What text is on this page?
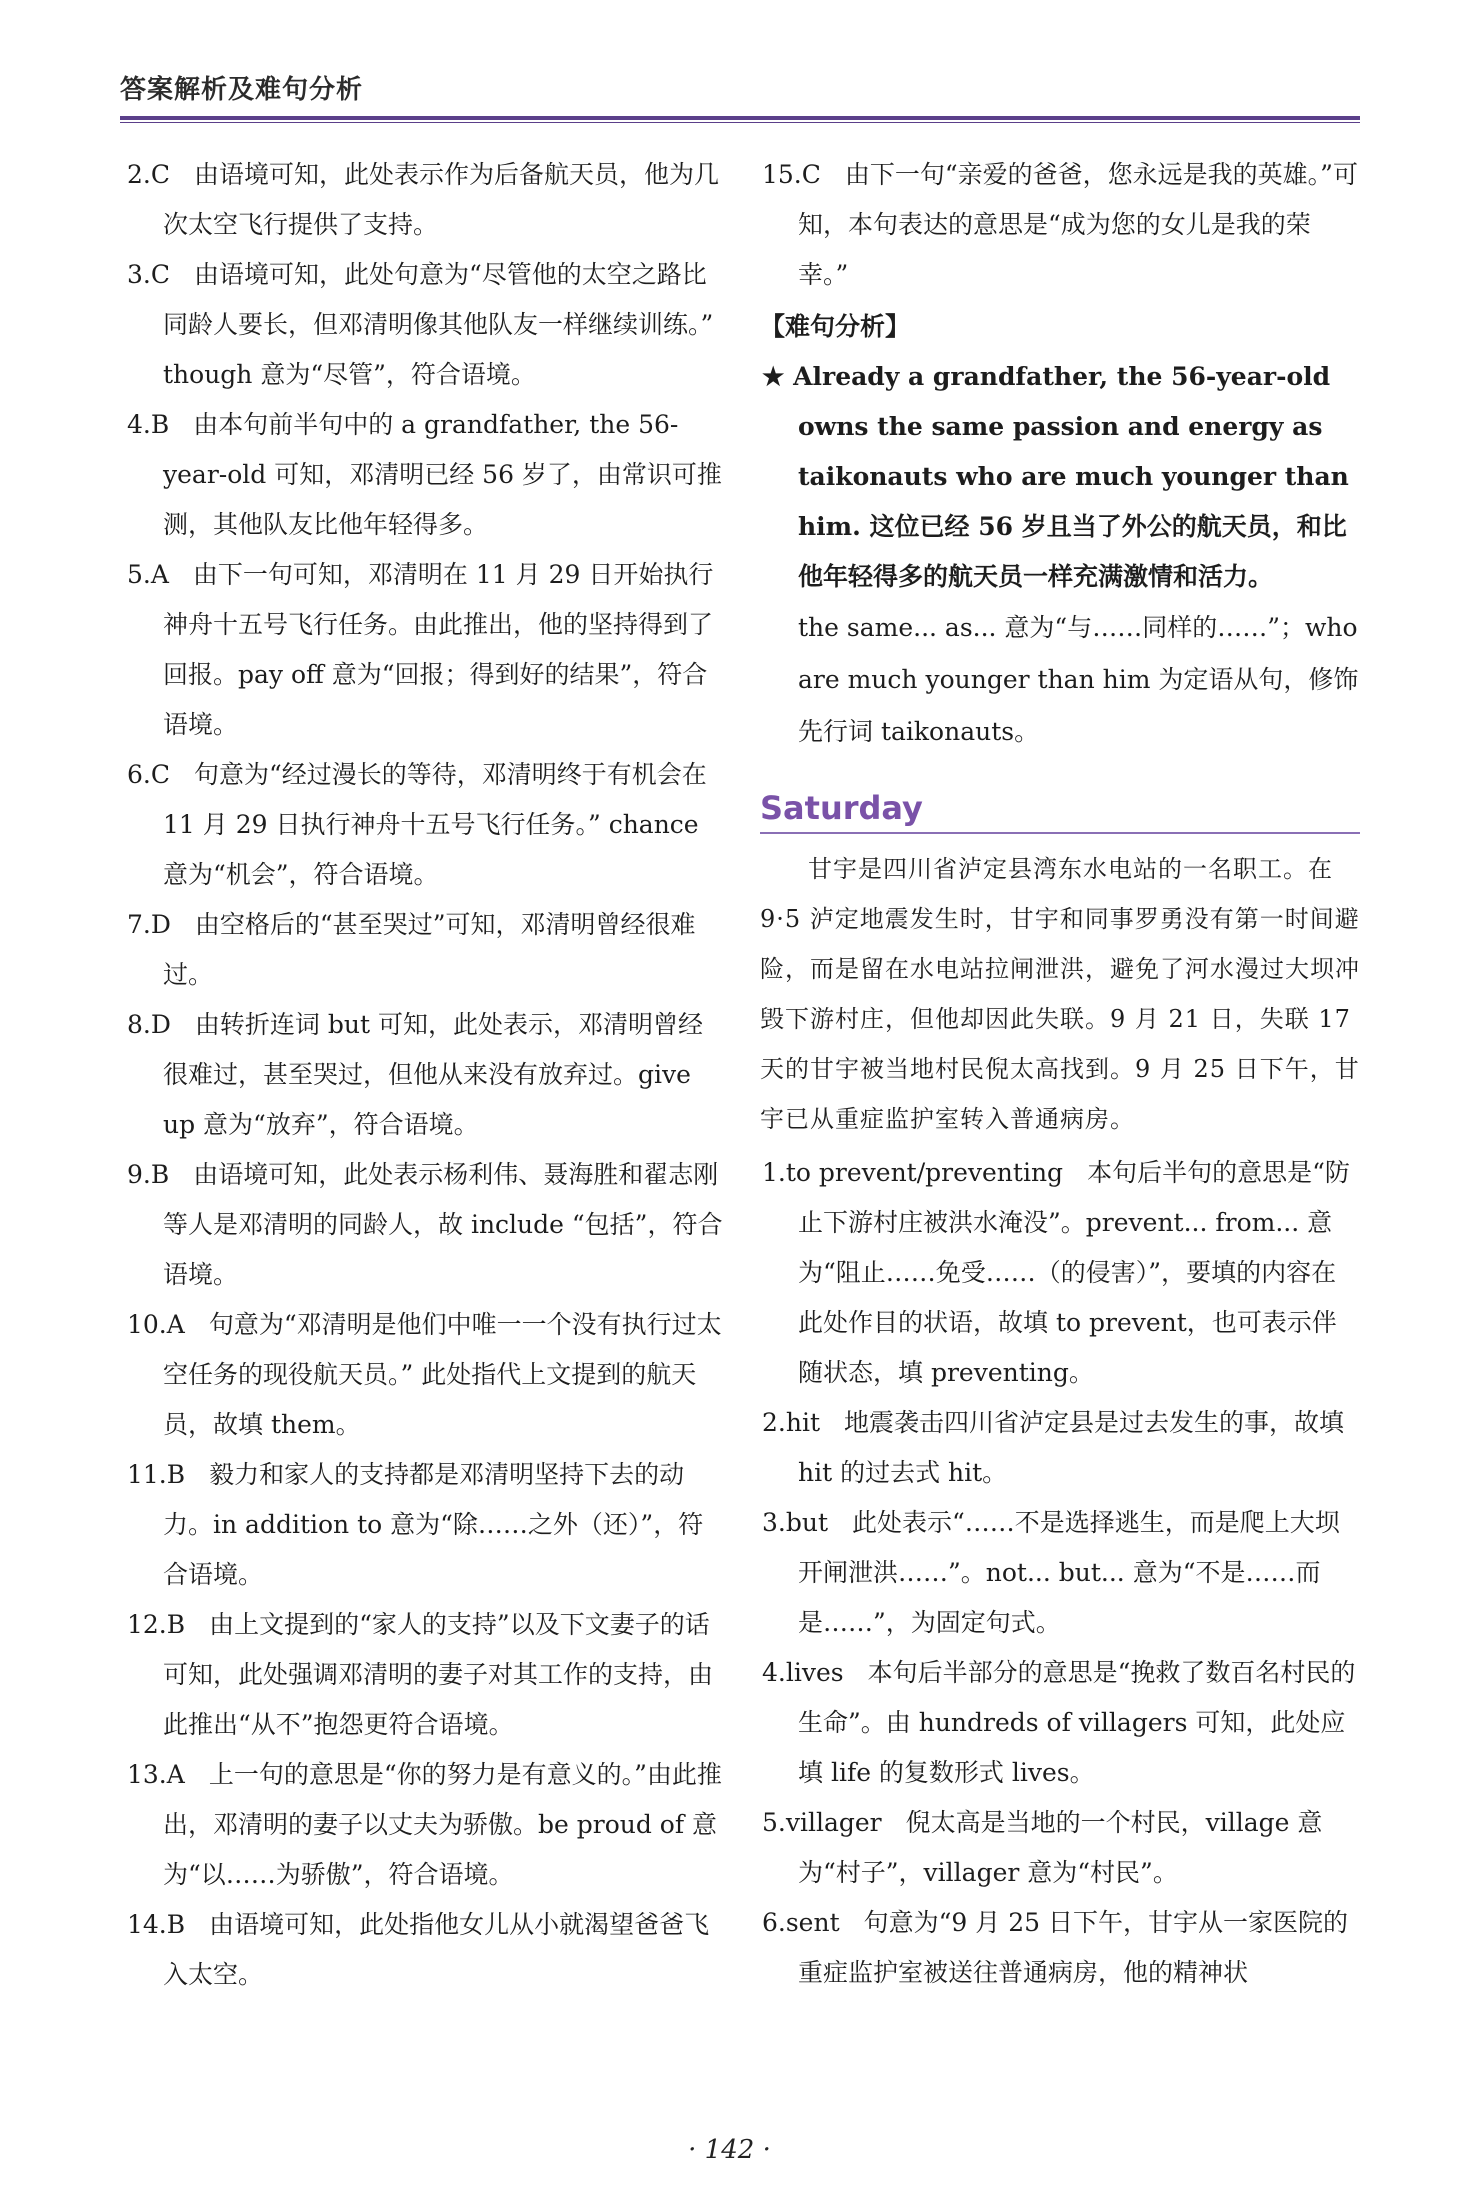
答案解析及难句分析

2.C 由语境可知，此处表示作为后备航天员，他为几次太空飞行提供了支持。

3.C 由语境可知，此处句意为“尽管他的太空之路比同龄人要长，但邓清明像其他队友一样继续训练。” though 意为“尽管”，符合语境。

4.B 由本句前半句中的 a grandfather, the 56-year-old 可知，邓清明已经 56 岁了，由常识可推测，其他队友比他年轻得多。

5.A 由下一句可知，邓清明在 11 月 29 日开始执行神舟十五号飞行任务。由此推出，他的坚持得到了回报。pay off 意为“回报；得到好的结果”，符合语境。

6.C 句意为“经过漫长的等待，邓清明终于有机会在 11 月 29 日执行神舟十五号飞行任务。” chance 意为“机会”，符合语境。

7.D 由空格后的“甚至哭过”可知，邓清明曾经很难过。

8.D 由转折连词 but 可知，此处表示，邓清明曾经很难过，甚至哭过，但他从来没有放弃过。give up 意为“放弃”，符合语境。

9.B 由语境可知，此处表示杨利伟、聂海胜和翟志刚等人是邓清明的同龄人，故 include “包括”，符合语境。

10.A 句意为“邓清明是他们中唯一一个没有执行过太空任务的现役航天员。” 此处指代上文提到的航天员，故填 them。

11.B 毅力和家人的支持都是邓清明坚持下去的动力。in addition to 意为“除……之外（还）”，符合语境。

12.B 由上文提到的“家人的支持”以及下文妻子的话可知，此处强调邓清明的妻子对其工作的支持，由此推出“从不”抱怨更符合语境。

13.A 上一句的意思是“你的努力是有意义的。”由此推出，邓清明的妻子以丈夫为骄傲。be proud of 意为“以……为骄傲”，符合语境。

14.B 由语境可知，此处指他女儿从小就渴望爸爸飞入太空。

15.C 由下一句“亲爱的爸爸，您永远是我的英雄。”可知，本句表达的意思是“成为您的女儿是我的荣幸。”

【难句分析】

★ Already a grandfather, the 56-year-old owns the same passion and energy as taikonauts who are much younger than him. 这位已经 56 岁且当了外公的航天员，和比他年轻得多的航天员一样充满激情和活力。

the same... as... 意为“与……同样的……”；who are much younger than him 为定语从句，修饰先行词 taikonauts。

Saturday

甘宇是四川省泸定县湾东水电站的一名职工。在 9·5 泸定地震发生时，甘宇和同事罗勇没有第一时间避险，而是留在水电站拉闸泄洪，避免了河水漫过大坝冲毁下游村庄，但他却因此失联。9 月 21 日，失联 17 天的甘宇被当地村民倪太高找到。9 月 25 日下午，甘宇已从重症监护室转入普通病房。

1.to prevent/preventing 本句后半句的意思是“防止下游村庄被洪水淹没”。prevent... from... 意为“阻止……免受……（的侵害）”，要填的内容在此处作目的状语，故填 to prevent，也可表示伴随状态，填 preventing。

2.hit 地震袭击四川省泸定县是过去发生的事，故填 hit 的过去式 hit。

3.but 此处表示“……不是选择逃生，而是爬上大坝开闸泄洪……”。not... but... 意为“不是……而是……”，为固定句式。

4.lives 本句后半部分的意思是“挽救了数百名村民的生命”。由 hundreds of villagers 可知，此处应填 life 的复数形式 lives。

5.villager 倪太高是当地的一个村民，village 意为“村子”，villager 意为“村民”。

6.sent 句意为“9 月 25 日下午，甘宇从一家医院的重症监护室被送往普通病房，他的精神状

· 142 ·
